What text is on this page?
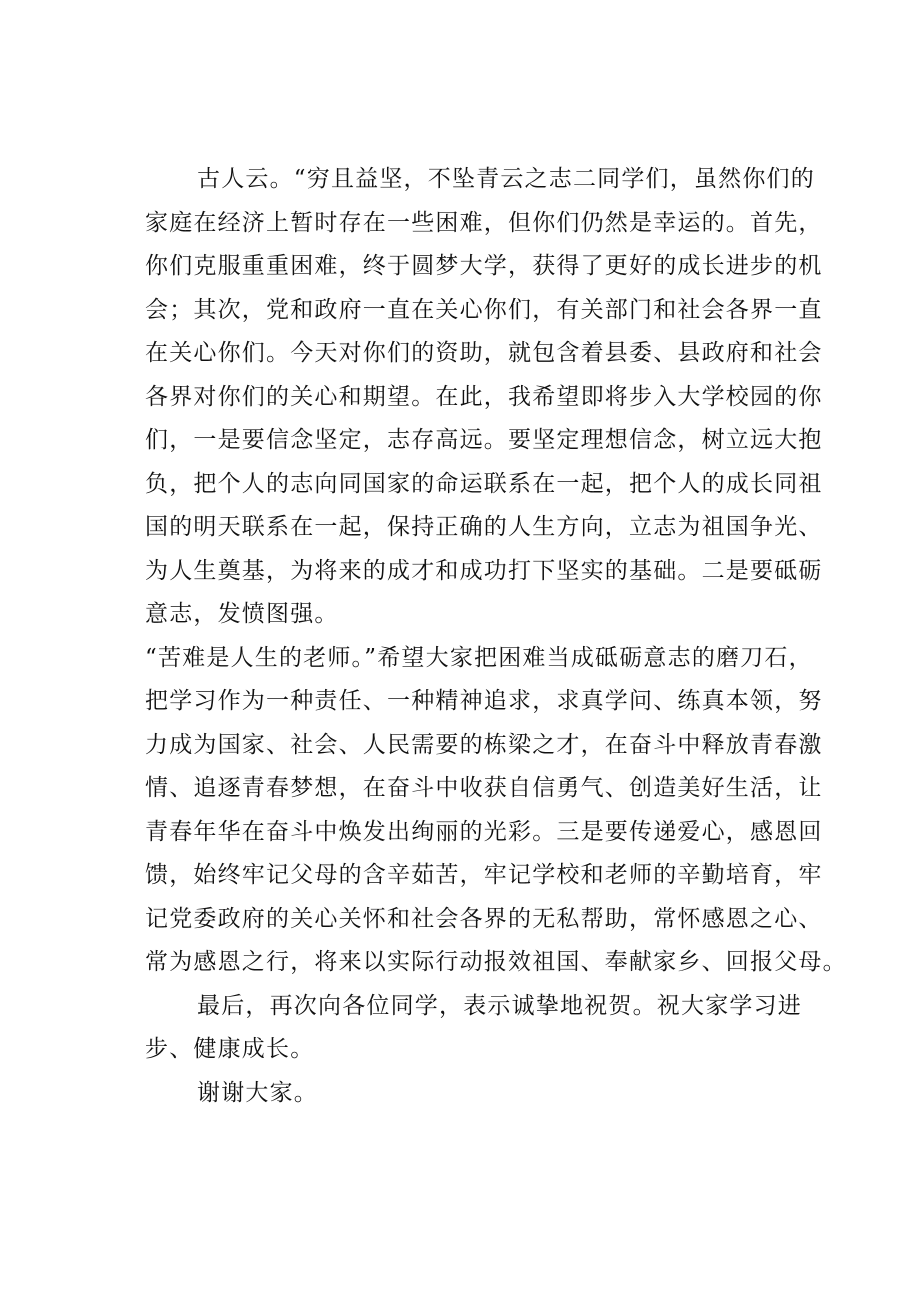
古人云。“穷且益坚，不坠青云之志二同学们，虽然你们的
家庭在经济上暂时存在一些困难，但你们仍然是幸运的。首先，
你们克服重重困难，终于圆梦大学，获得了更好的成长进步的机
会；其次，党和政府一直在关心你们，有关部门和社会各界一直
在关心你们。今天对你们的资助，就包含着县委、县政府和社会
各界对你们的关心和期望。在此，我希望即将步入大学校园的你
们，一是要信念坚定，志存高远。要坚定理想信念，树立远大抱
负，把个人的志向同国家的命运联系在一起，把个人的成长同祖
国的明天联系在一起，保持正确的人生方向，立志为祖国争光、
为人生奠基，为将来的成才和成功打下坚实的基础。二是要砥砺
意志，发愤图强。

“苦难是人生的老师。”希望大家把困难当成砥砺意志的磨刀石，
把学习作为一种责任、一种精神追求，求真学问、练真本领，努
力成为国家、社会、人民需要的栋梁之才，在奋斗中释放青春激
情、追逐青春梦想，在奋斗中收获自信勇气、创造美好生活，让
青春年华在奋斗中焕发出绚丽的光彩。三是要传递爱心，感恩回
馈，始终牢记父母的含辛茹苦，牢记学校和老师的辛勤培育，牢
记党委政府的关心关怀和社会各界的无私帮助，常怀感恩之心、
常为感恩之行，将来以实际行动报效祖国、奉献家乡、回报父母。

最后，再次向各位同学，表示诚挚地祝贺。祝大家学习进
步、健康成长。

谢谢大家。
